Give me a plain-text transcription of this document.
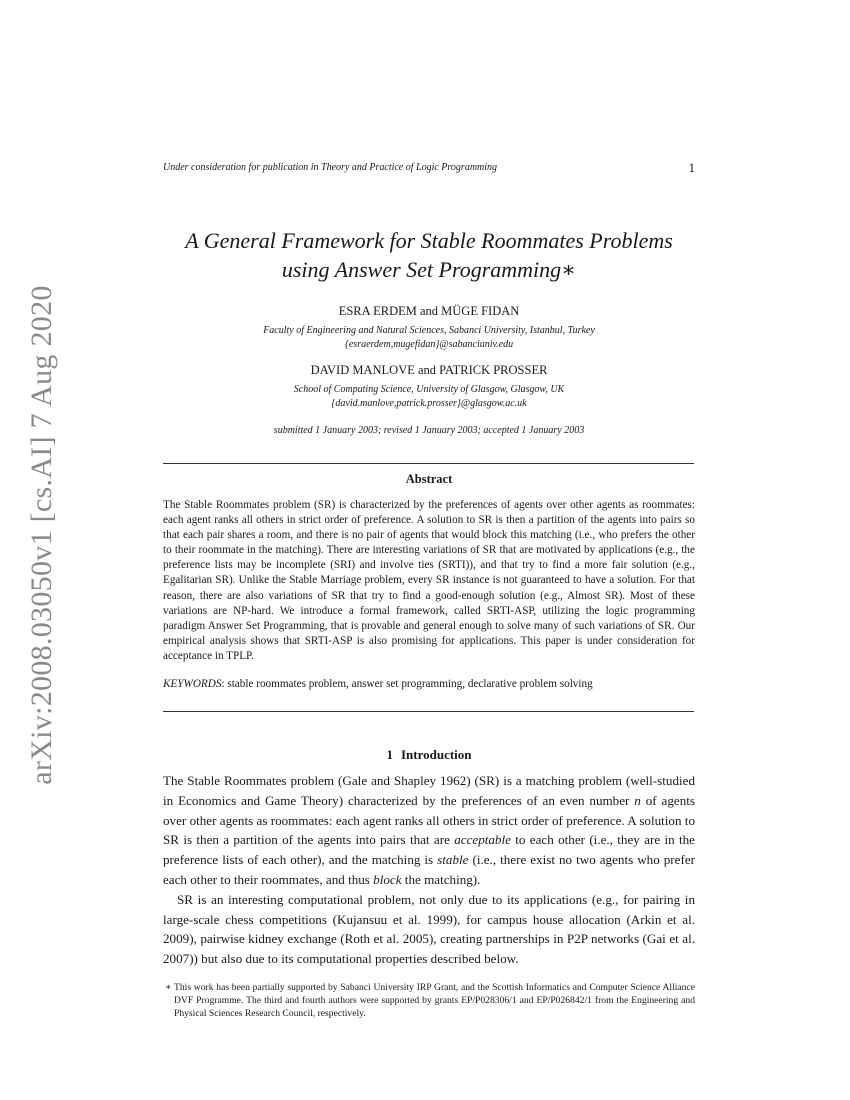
arXiv:2008.03050v1 [cs.AI] 7 Aug 2020
Under consideration for publication in Theory and Practice of Logic Programming	1
A General Framework for Stable Roommates Problems
using Answer Set Programming∗
ESRA ERDEM and MÜGE FIDAN
Faculty of Engineering and Natural Sciences, Sabanci University, Istanbul, Turkey
{esraerdem,mugefidan}@sabanciuniv.edu
DAVID MANLOVE and PATRICK PROSSER
School of Computing Science, University of Glasgow, Glasgow, UK
{david.manlove,patrick.prosser}@glasgow.ac.uk
submitted 1 January 2003; revised 1 January 2003; accepted 1 January 2003
Abstract
The Stable Roommates problem (SR) is characterized by the preferences of agents over other agents as roommates: each agent ranks all others in strict order of preference. A solution to SR is then a partition of the agents into pairs so that each pair shares a room, and there is no pair of agents that would block this matching (i.e., who prefers the other to their roommate in the matching). There are interesting variations of SR that are motivated by applications (e.g., the preference lists may be incomplete (SRI) and involve ties (SRTI)), and that try to find a more fair solution (e.g., Egalitarian SR). Unlike the Stable Marriage problem, every SR instance is not guaranteed to have a solution. For that reason, there are also variations of SR that try to find a good-enough solution (e.g., Almost SR). Most of these variations are NP-hard. We introduce a formal framework, called SRTI-ASP, utilizing the logic programming paradigm Answer Set Programming, that is provable and general enough to solve many of such variations of SR. Our empirical analysis shows that SRTI-ASP is also promising for applications. This paper is under consideration for acceptance in TPLP.
KEYWORDS: stable roommates problem, answer set programming, declarative problem solving
1 Introduction

The Stable Roommates problem (Gale and Shapley 1962) (SR) is a matching problem (well-studied in Economics and Game Theory) characterized by the preferences of an even number n of agents over other agents as roommates: each agent ranks all others in strict order of preference. A solution to SR is then a partition of the agents into pairs that are acceptable to each other (i.e., they are in the preference lists of each other), and the matching is stable (i.e., there exist no two agents who prefer each other to their roommates, and thus block the matching).

SR is an interesting computational problem, not only due to its applications (e.g., for pairing in large-scale chess competitions (Kujansuu et al. 1999), for campus house allocation (Arkin et al. 2009), pairwise kidney exchange (Roth et al. 2005), creating partnerships in P2P networks (Gai et al. 2007)) but also due to its computational properties described below.

∗ This work has been partially supported by Sabanci University IRP Grant, and the Scottish Informatics and Computer Science Alliance DVF Programme. The third and fourth authors were supported by grants EP/P028306/1 and EP/P026842/1 from the Engineering and Physical Sciences Research Council, respectively.
